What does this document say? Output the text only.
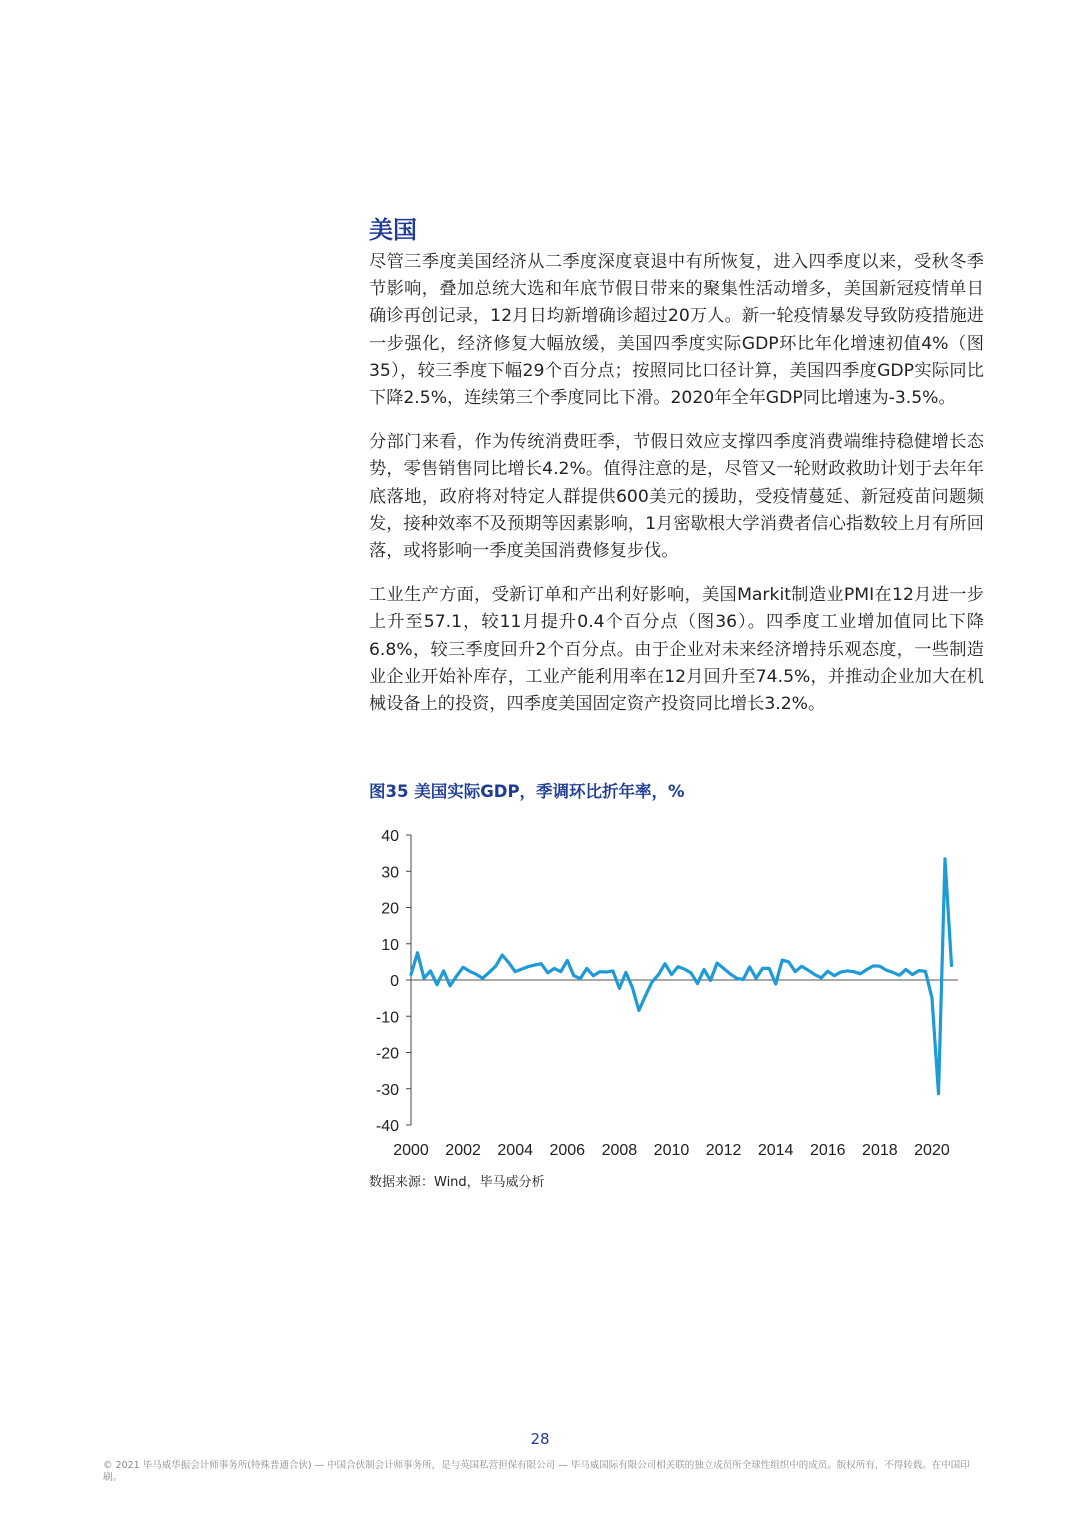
美国

尽管三季度美国经济从二季度深度衰退中有所恢复，进入四季度以来，受秋冬季节影响，叠加总统大选和年底节假日带来的聚集性活动增多，美国新冠疫情单日确诊再创记录，12月日均新增确诊超过20万人。新一轮疫情暴发导致防疫措施进一步强化，经济修复大幅放缓，美国四季度实际GDP环比年化增速初值4%（图35），较三季度下幅29个百分点；按照同比口径计算，美国四季度GDP实际同比下降2.5%，连续第三个季度同比下滑。2020年全年GDP同比增速为-3.5%。

分部门来看，作为传统消费旺季，节假日效应支撑四季度消费端维持稳健增长态势，零售销售同比增长4.2%。值得注意的是，尽管又一轮财政救助计划于去年年底落地，政府将对特定人群提供600美元的援助，受疫情蔓延、新冠疫苗问题频发，接种效率不及预期等因素影响，1月密歇根大学消费者信心指数较上月有所回落，或将影响一季度美国消费修复步伐。

工业生产方面，受新订单和产出利好影响，美国Markit制造业PMI在12月进一步上升至57.1，较11月提升0.4个百分点（图36）。四季度工业增加值同比下降6.8%，较三季度回升2个百分点。由于企业对未来经济增持乐观态度，一些制造业企业开始补库存，工业产能利用率在12月回升至74.5%，并推动企业加大在机械设备上的投资，四季度美国固定资产投资同比增长3.2%。

图35 美国实际GDP，季调环比折年率，%
40
30
20
10
0
-10
-20
-30
-40
2000 2002 2004 2006 2008 2010 2012 2014 2016 2018 2020
数据来源：Wind，毕马威分析
28
© 2021 毕马威华振会计师事务所(特殊普通合伙) — 中国合伙制会计师事务所，是与英国私营担保有限公司 — 毕马威国际有限公司相关联的独立成员所全球性组织中的成员。版权所有，不得转载。在中国印刷。
